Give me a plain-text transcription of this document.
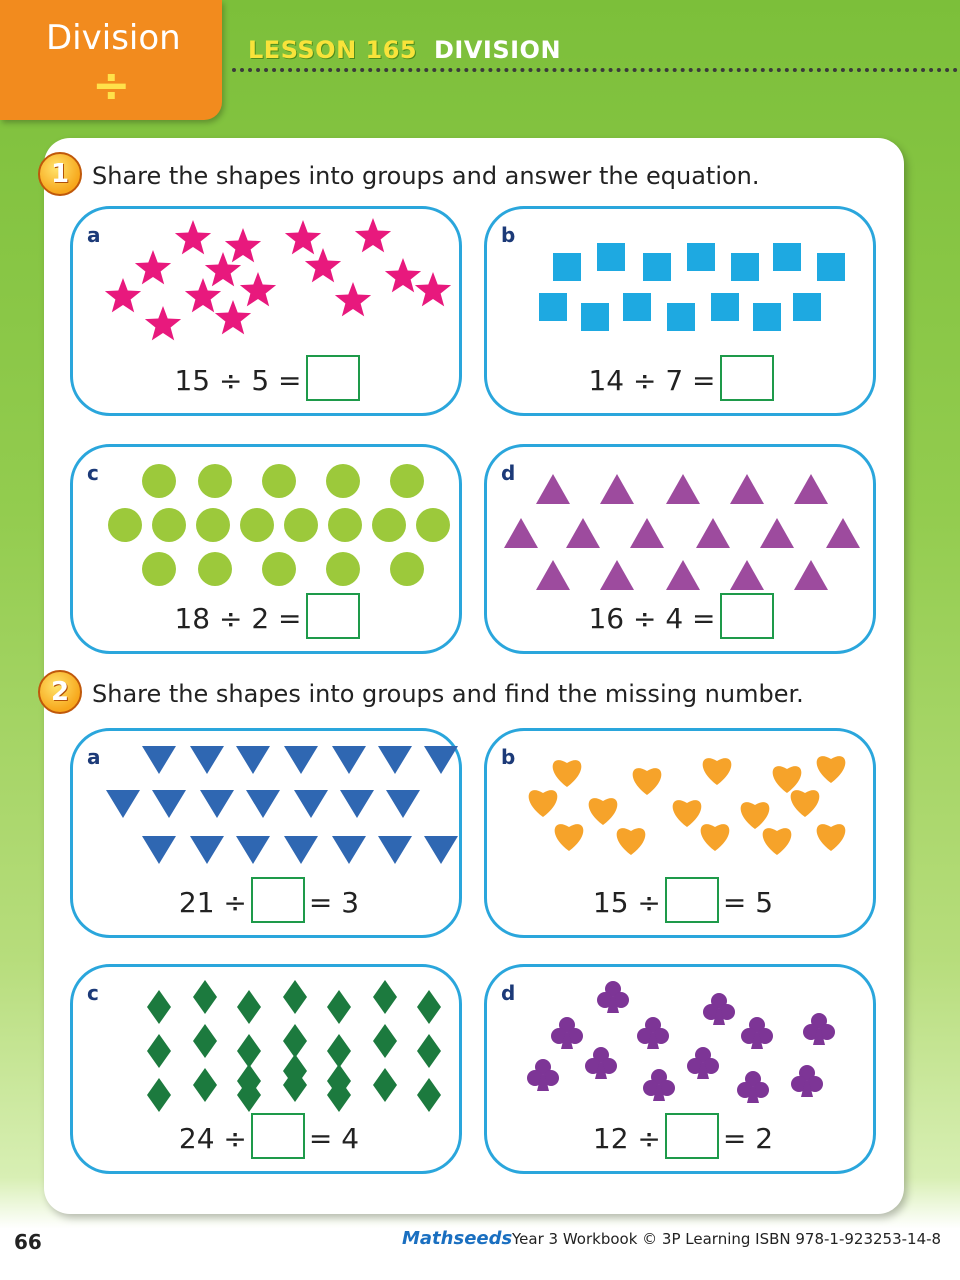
Division
÷
LESSON 165 DIVISION
1 Share the shapes into groups and answer the equation.
a
15 ÷ 5 =
b
14 ÷ 7 =
c
18 ÷ 2 =
d
16 ÷ 4 =
2 Share the shapes into groups and find the missing number.
a
21 ÷ = 3
b
15 ÷ = 5
c
24 ÷ = 4
d
12 ÷ = 2
66	Mathseeds Year 3 Workbook © 3P Learning ISBN 978-1-923253-14-8
